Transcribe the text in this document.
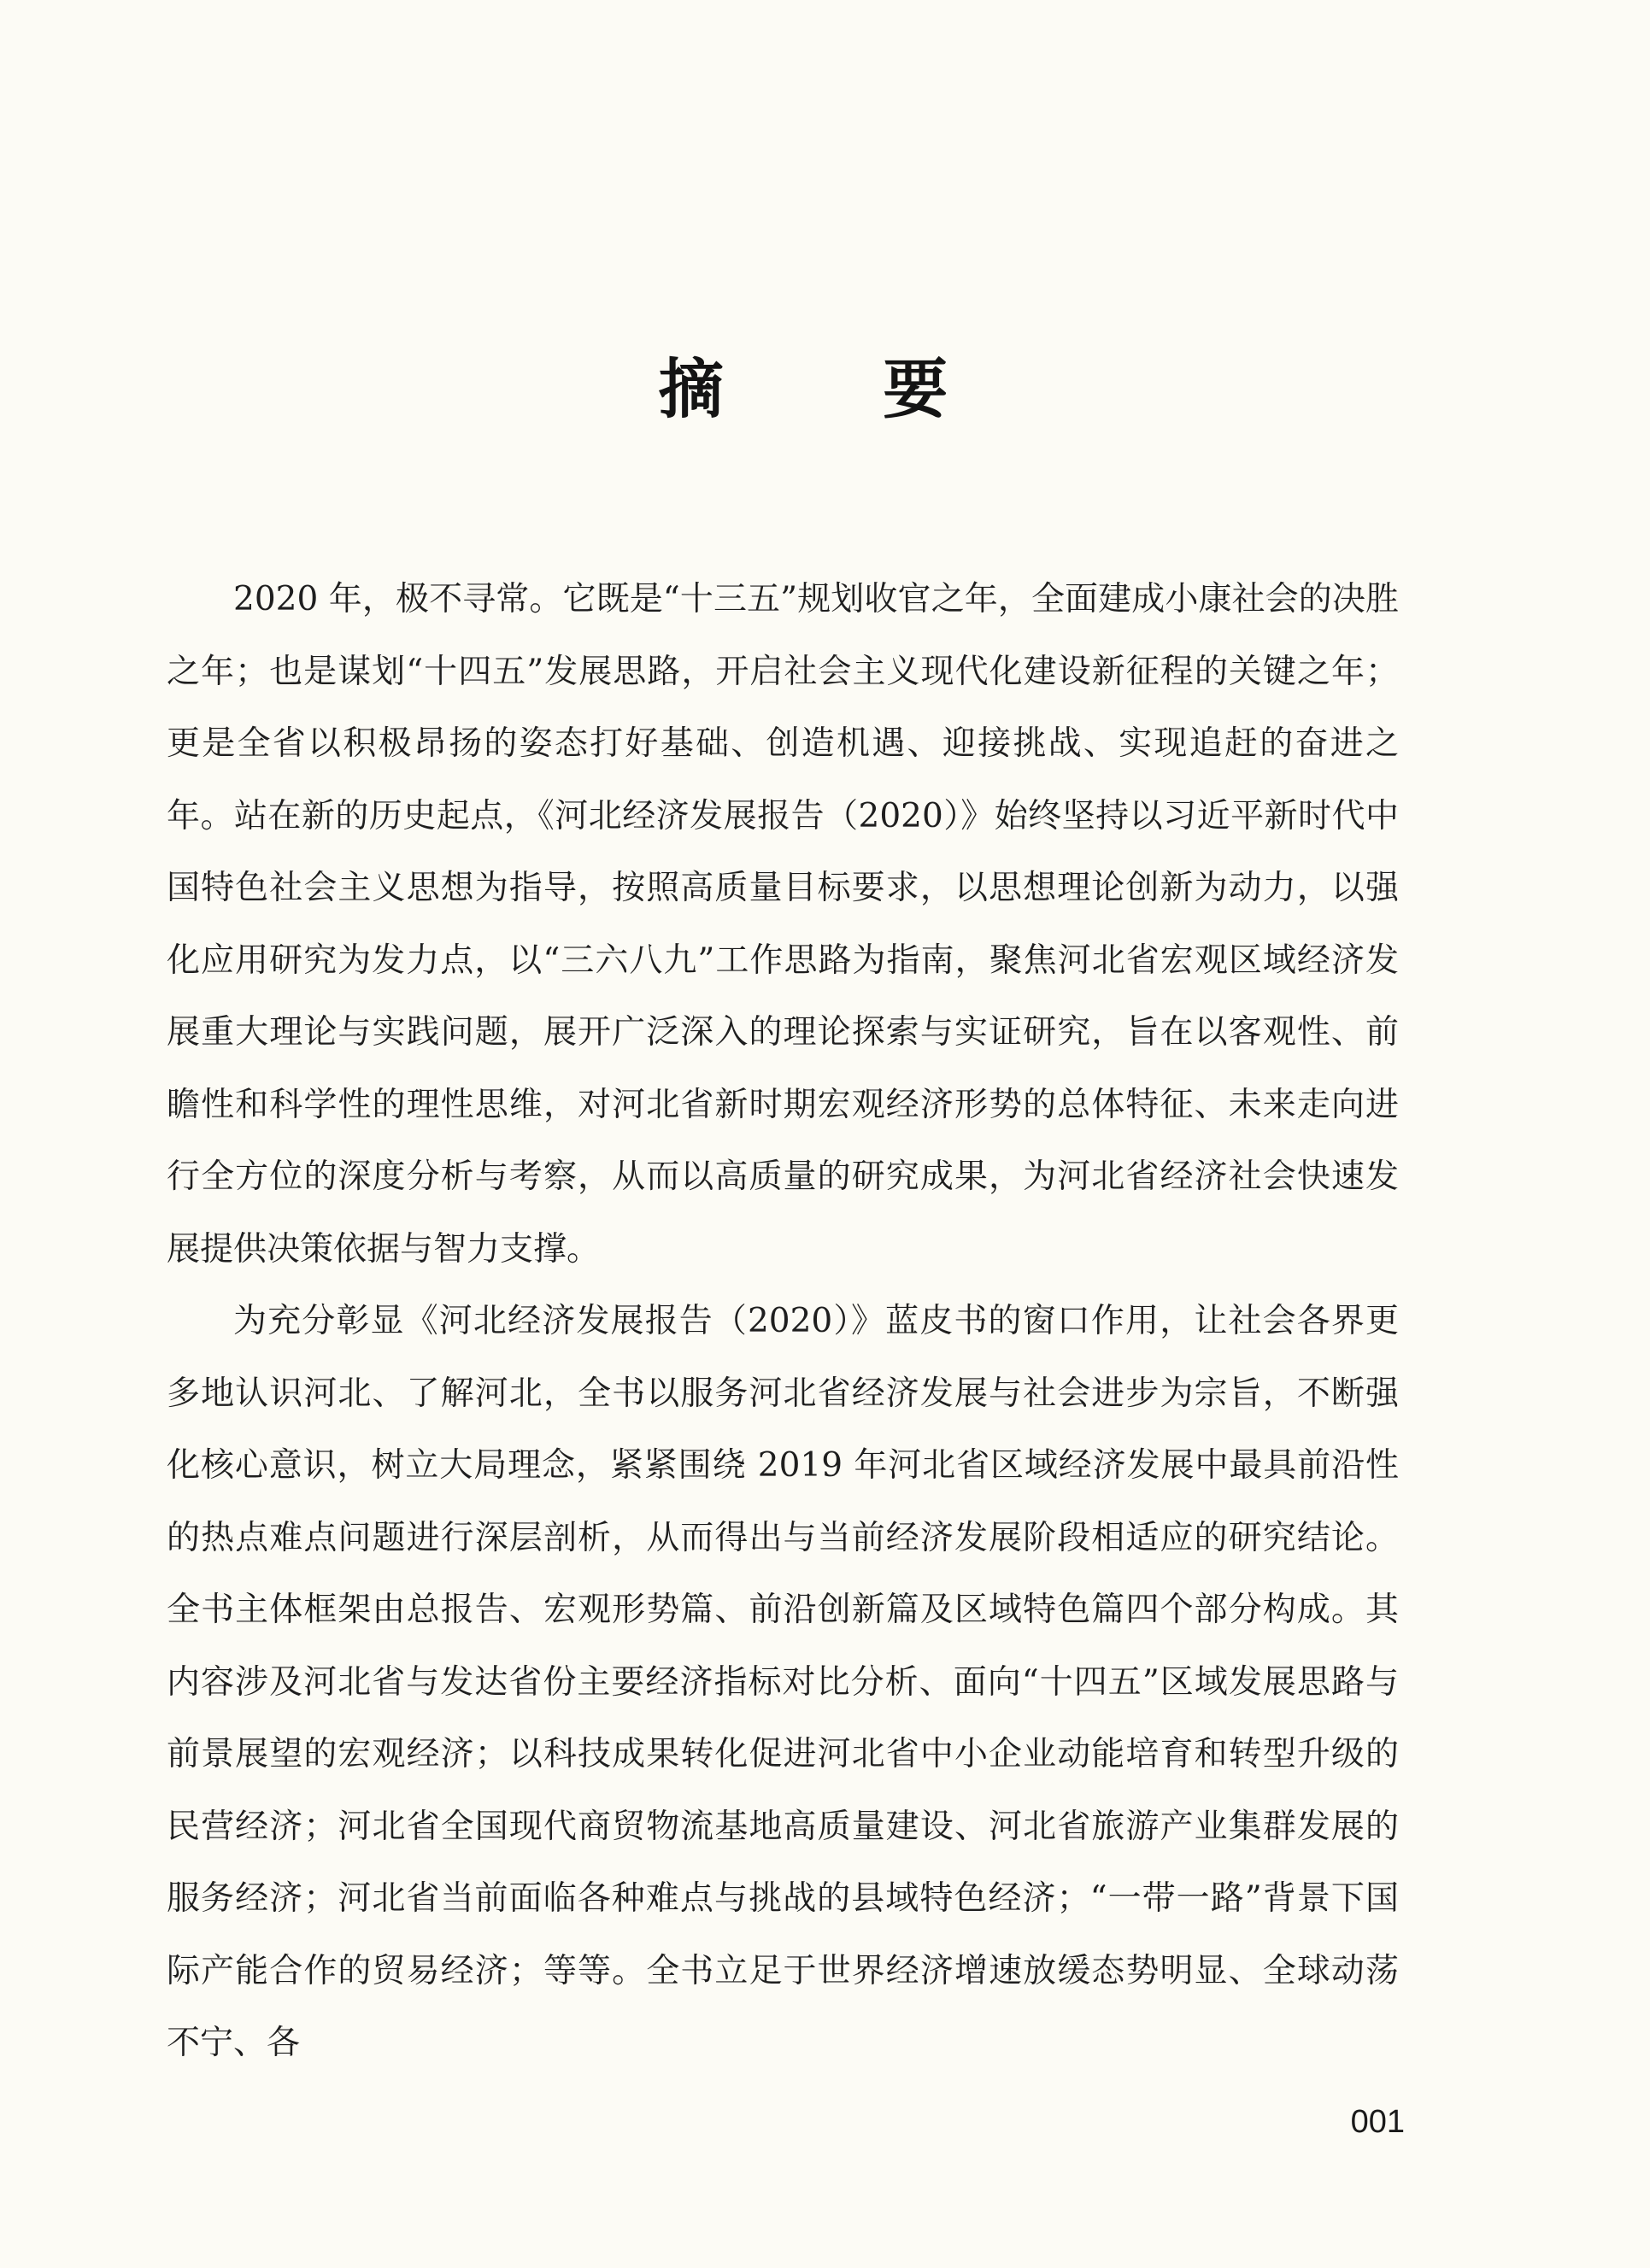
摘 要

2020 年，极不寻常。它既是“十三五”规划收官之年，全面建成小康社会的决胜之年；也是谋划“十四五”发展思路，开启社会主义现代化建设新征程的关键之年；更是全省以积极昂扬的姿态打好基础、创造机遇、迎接挑战、实现追赶的奋进之年。站在新的历史起点，《河北经济发展报告（2020）》始终坚持以习近平新时代中国特色社会主义思想为指导，按照高质量目标要求，以思想理论创新为动力，以强化应用研究为发力点，以“三六八九”工作思路为指南，聚焦河北省宏观区域经济发展重大理论与实践问题，展开广泛深入的理论探索与实证研究，旨在以客观性、前瞻性和科学性的理性思维，对河北省新时期宏观经济形势的总体特征、未来走向进行全方位的深度分析与考察，从而以高质量的研究成果，为河北省经济社会快速发展提供决策依据与智力支撑。

为充分彰显《河北经济发展报告（2020）》蓝皮书的窗口作用，让社会各界更多地认识河北、了解河北，全书以服务河北省经济发展与社会进步为宗旨，不断强化核心意识，树立大局理念，紧紧围绕 2019 年河北省区域经济发展中最具前沿性的热点难点问题进行深层剖析，从而得出与当前经济发展阶段相适应的研究结论。全书主体框架由总报告、宏观形势篇、前沿创新篇及区域特色篇四个部分构成。其内容涉及河北省与发达省份主要经济指标对比分析、面向“十四五”区域发展思路与前景展望的宏观经济；以科技成果转化促进河北省中小企业动能培育和转型升级的民营经济；河北省全国现代商贸物流基地高质量建设、河北省旅游产业集群发展的服务经济；河北省当前面临各种难点与挑战的县域特色经济；“一带一路”背景下国际产能合作的贸易经济；等等。全书立足于世界经济增速放缓态势明显、全球动荡不宁、各

001
